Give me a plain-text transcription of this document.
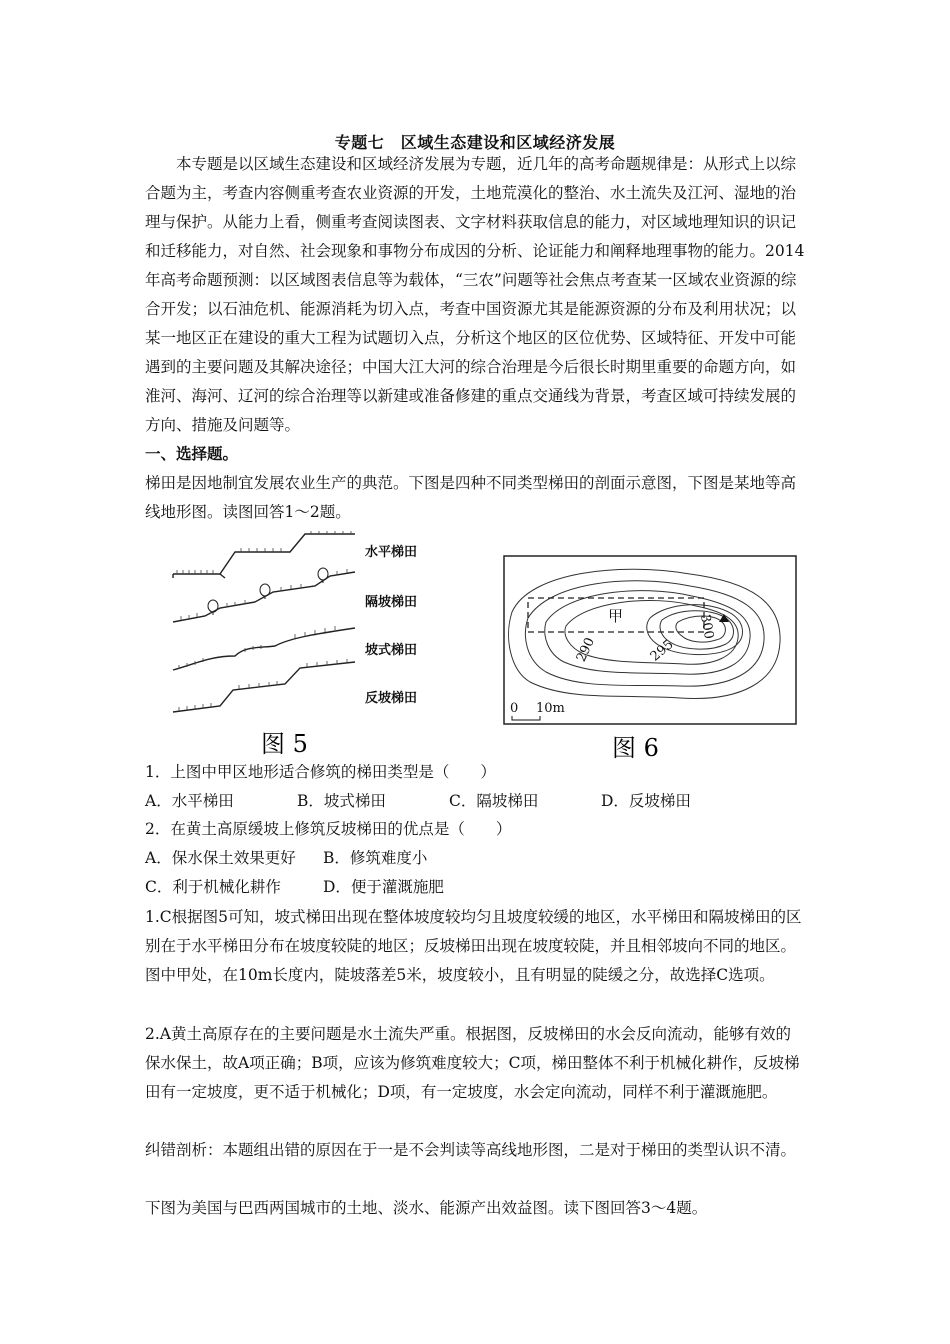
专题七　区域生态建设和区域经济发展

本专题是以区域生态建设和区域经济发展为专题，近几年的高考命题规律是：从形式上以综合题为主，考查内容侧重考查农业资源的开发，土地荒漠化的整治、水土流失及江河、湿地的治理与保护。从能力上看，侧重考查阅读图表、文字材料获取信息的能力，对区域地理知识的识记和迁移能力，对自然、社会现象和事物分布成因的分析、论证能力和阐释地理事物的能力。2014年高考命题预测：以区域图表信息等为载体，“三农”问题等社会焦点考查某一区域农业资源的综合开发；以石油危机、能源消耗为切入点，考查中国资源尤其是能源资源的分布及利用状况；以某一地区正在建设的重大工程为试题切入点，分析这个地区的区位优势、区域特征、开发中可能遇到的主要问题及其解决途径；中国大江大河的综合治理是今后很长时期里重要的命题方向，如淮河、海河、辽河的综合治理等以新建或准备修建的重点交通线为背景，考查区域可持续发展的方向、措施及问题等。

一、选择题。

梯田是因地制宜发展农业生产的典范。下图是四种不同类型梯田的剖面示意图，下图是某地等高线地形图。读图回答1～2题。

水平梯田
隔坡梯田
坡式梯田
反坡梯田
图 5
甲	300
295
290
0 10m
图 6

1．上图中甲区地形适合修筑的梯田类型是（　　）

A．水平梯田	B．坡式梯田	C．隔坡梯田	D．反坡梯田

2．在黄土高原缓坡上修筑反坡梯田的优点是（　　）

A．保水保土效果更好 B．修筑难度小
C．利于机械化耕作	D．便于灌溉施肥

1.C根据图5可知，坡式梯田出现在整体坡度较均匀且坡度较缓的地区，水平梯田和隔坡梯田的区别在于水平梯田分布在坡度较陡的地区；反坡梯田出现在坡度较陡，并且相邻坡向不同的地区。图中甲处，在10m长度内，陡坡落差5米，坡度较小，且有明显的陡缓之分，故选择C选项。

2.A黄土高原存在的主要问题是水土流失严重。根据图，反坡梯田的水会反向流动，能够有效的保水保土，故A项正确；B项，应该为修筑难度较大；C项，梯田整体不利于机械化耕作，反坡梯田有一定坡度，更不适于机械化；D项，有一定坡度，水会定向流动，同样不利于灌溉施肥。

纠错剖析：本题组出错的原因在于一是不会判读等高线地形图，二是对于梯田的类型认识不清。

下图为美国与巴西两国城市的土地、淡水、能源产出效益图。读下图回答3～4题。
